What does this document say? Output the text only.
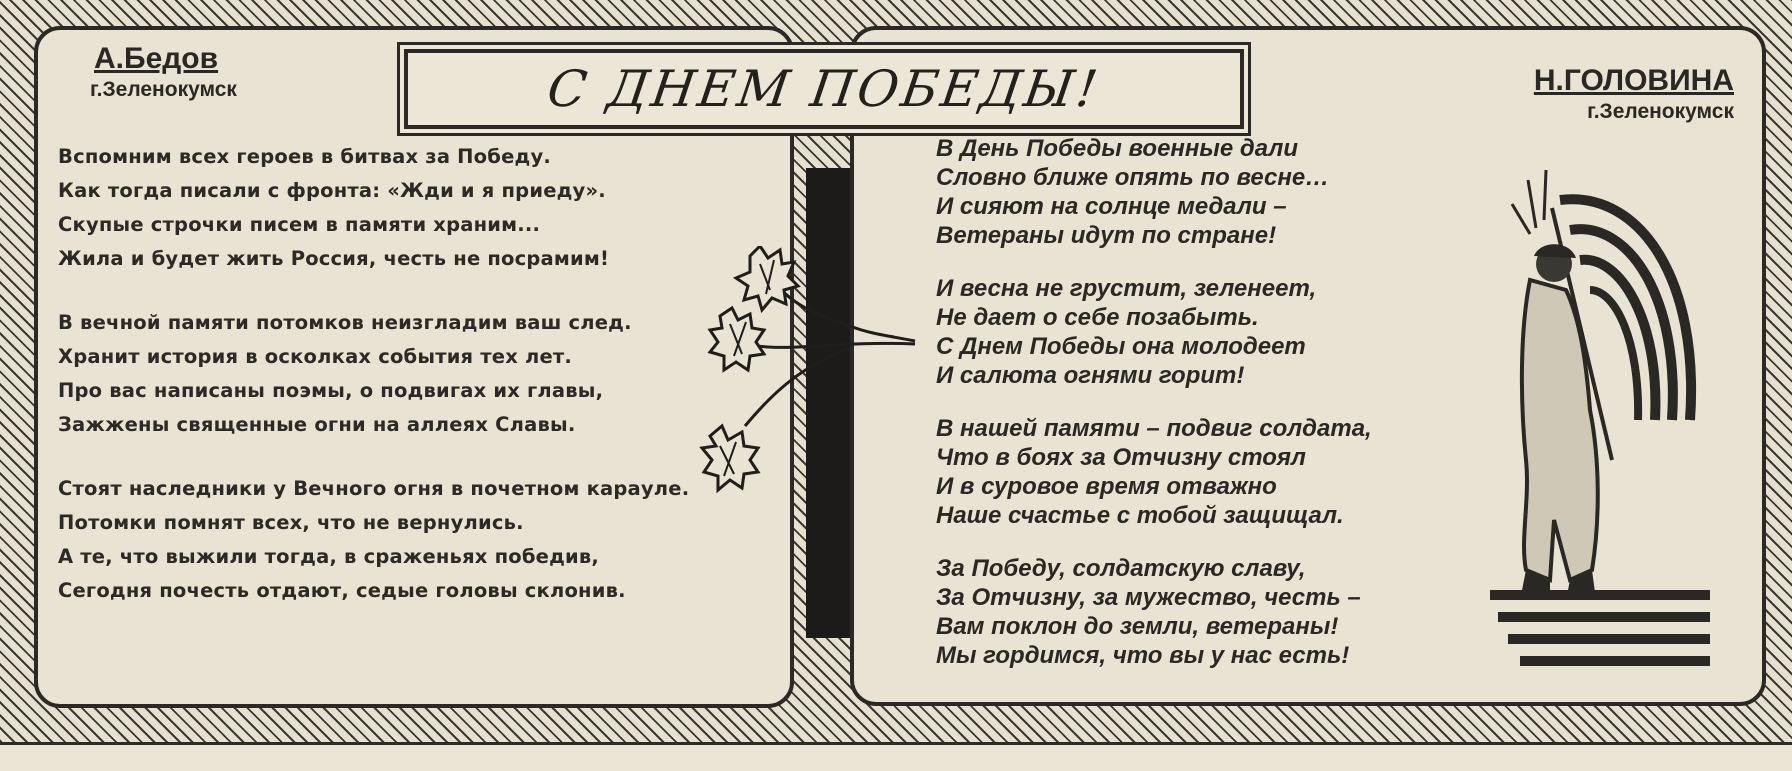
С ДНЕМ ПОБЕДЫ!
А.Бедов
г.Зеленокумск	Н.ГОЛОВИНА
г.Зеленокумск
Вспомним всех героев в битвах за Победу.
Как тогда писали с фронта: «Жди и я приеду».
Скупые строчки писем в памяти храним...
Жила и будет жить Россия, честь не посрамим!
В вечной памяти потомков неизгладим ваш след.
Хранит история в осколках события тех лет.
Про вас написаны поэмы, о подвигах их главы,
Зажжены священные огни на аллеях Славы.
Стоят наследники у Вечного огня в почетном карауле.
Потомки помнят всех, что не вернулись.
А те, что выжили тогда, в сраженьях победив,
Сегодня почесть отдают, седые головы склонив.
В День Победы военные дали
Словно ближе опять по весне…
И сияют на солнце медали –
Ветераны идут по стране!
И весна не грустит, зеленеет,
Не дает о себе позабыть.
С Днем Победы она молодеет
И салюта огнями горит!
В нашей памяти – подвиг солдата,
Что в боях за Отчизну стоял
И в суровое время отважно
Наше счастье с тобой защищал.
За Победу, солдатскую славу,
За Отчизну, за мужество, честь –
Вам поклон до земли, ветераны!
Мы гордимся, что вы у нас есть!
